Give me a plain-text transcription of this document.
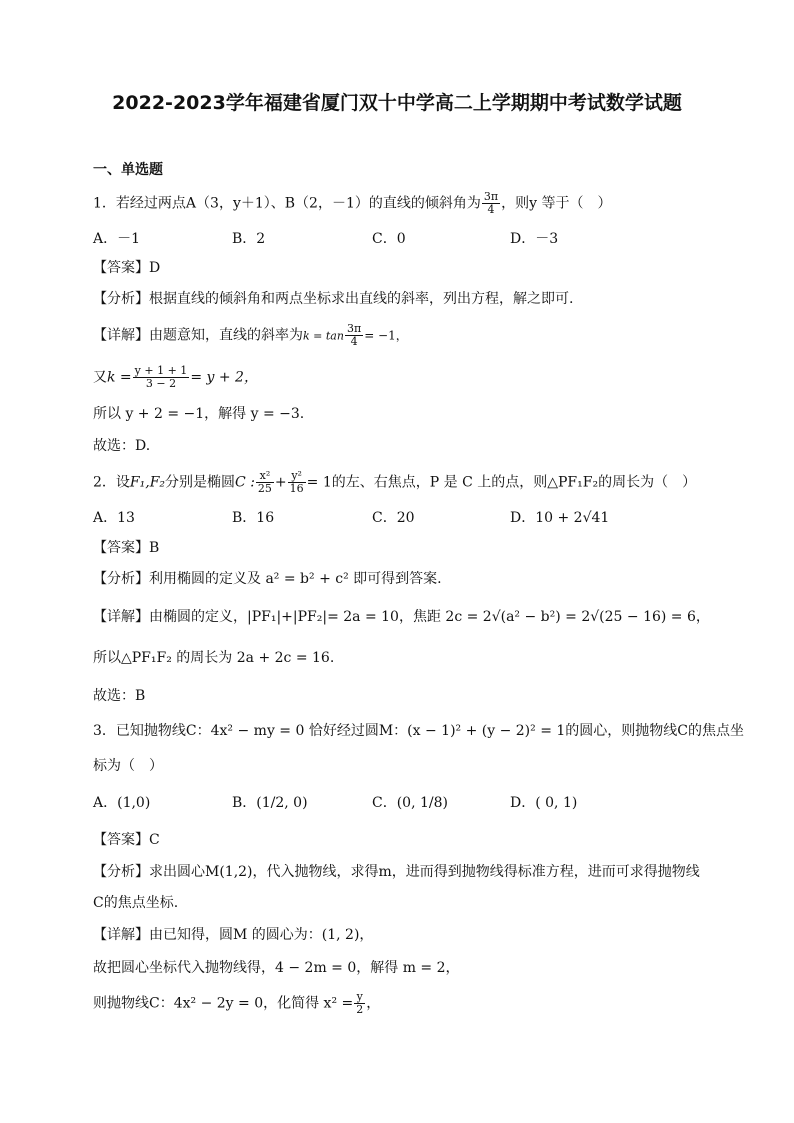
2022-2023学年福建省厦门双十中学高二上学期期中考试数学试题
一、单选题
1．若经过两点A（3，y＋1）、B（2，－1）的直线的倾斜角为 $\frac{3\pi}{4}$ ，则y 等于（　）
A．－1	B．2	C．0	D．－3
【答案】D
【分析】根据直线的倾斜角和两点坐标求出直线的斜率，列出方程，解之即可.
【详解】由题意知，直线的斜率为$k = \tan \frac{3\pi}{4} = -1$，
又$k = \frac{y + 1 + 1}{3 - 2} = y + 2$，
所以 y + 2 = −1，解得 y = −3.
故选：D.
2．设F₁,F₂分别是椭圆C : $\frac{\text{x²}}{25} + \frac{\text{y²}}{16} = 1$的左、右焦点，P 是 C 上的点，则△PF₁F₂的周长为（　）
A．13	B．16	C．20	D．10 + 2√41
【答案】B
【分析】利用椭圆的定义及 a² = b² + c² 即可得到答案.
【详解】由椭圆的定义，|PF₁|+|PF₂|= 2a = 10，焦距 2c = 2√(a² − b²) = 2√(25 − 16) = 6，
所以△PF₁F₂ 的周长为 2a + 2c = 16.
故选：B
3．已知抛物线C：4x² − my = 0 恰好经过圆M：(x − 1)² + (y − 2)² = 1的圆心，则抛物线C的焦点坐
标为（　）
A．(1,0)	B．(1/2, 0)	C．(0, 1/8)	D．( 0, 1)
【答案】C
【分析】求出圆心M(1,2)，代入抛物线，求得m，进而得到抛物线得标准方程，进而可求得抛物线
C的焦点坐标.
【详解】由已知得，圆M 的圆心为：(1, 2)，
故把圆心坐标代入抛物线得，4 − 2m = 0，解得 m = 2，
则抛物线C：4x² − 2y = 0，化简得 $x^2 = \frac{y}{2}$ ，
